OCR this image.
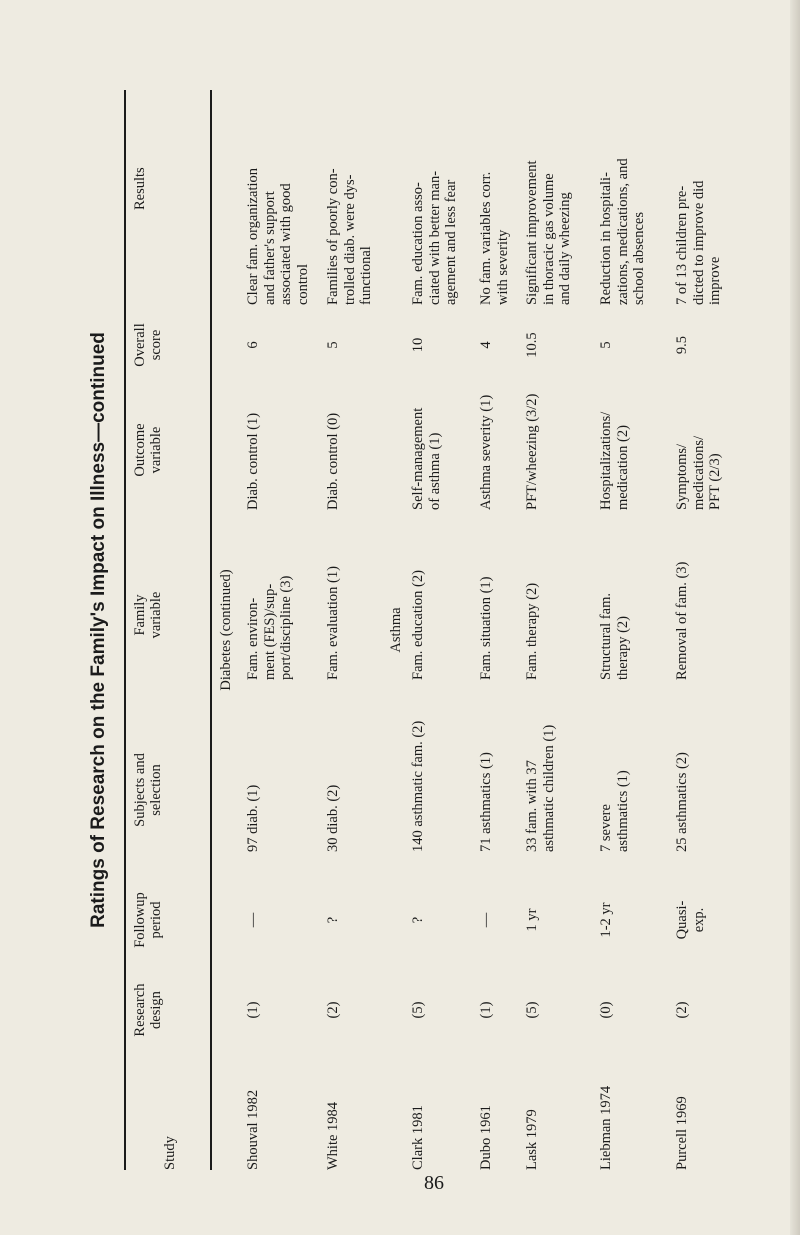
Ratings of Research on the Family's Impact on Illness—continued
Study
Research
design
Followup
period
Subjects and
selection
Family
variable
Outcome
variable
Overall
score
Results
Diabetes (continued)
Shouval 1982
(1)
—
97 diab. (1)
Fam. environ-
ment (FES)/sup-
port/discipline (3)
Diab. control (1)
6
Clear fam. organization
and father's support
associated with good
control
White 1984
(2)
?
30 diab. (2)
Fam. evaluation (1)
Diab. control (0)
5
Families of poorly con-
trolled diab. were dys-
functional
Asthma
Clark 1981
(5)
?
140 asthmatic fam. (2)
Fam. education (2)
Self-management
of asthma (1)
10
Fam. education asso-
ciated with better man-
agement and less fear
Dubo 1961
(1)
—
71 asthmatics (1)
Fam. situation (1)
Asthma severity (1)
4
No fam. variables corr.
with severity
Lask 1979
(5)
1 yr
33 fam. with 37
asthmatic children (1)
Fam. therapy (2)
PFT/wheezing (3/2)
10.5
Significant improvement
in thoracic gas volume
and daily wheezing
Liebman 1974
(0)
1-2 yr
7 severe
asthmatics (1)
Structural fam.
therapy (2)
Hospitalizations/
medication (2)
5
Reduction in hospitali-
zations, medications, and
school absences
Purcell 1969
(2)
Quasi-
exp.
25 asthmatics (2)
Removal of fam. (3)
Symptoms/
medications/
PFT (2/3)
9.5
7 of 13 children pre-
dicted to improve did
improve
86
